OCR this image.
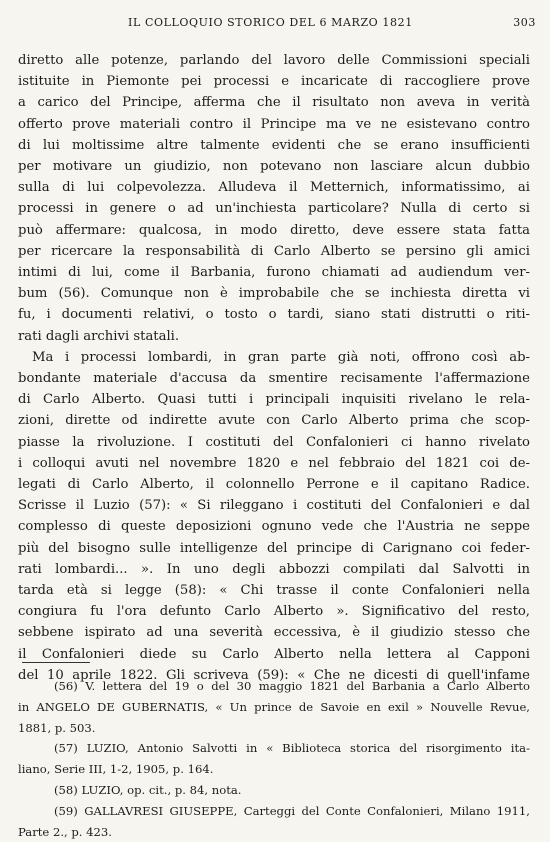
IL COLLOQUIO STORICO DEL 6 MARZO 1821	303
diretto alle potenze, parlando del lavoro delle Commissioni speciali
istituite in Piemonte pei processi e incaricate di raccogliere prove
a carico del Principe, afferma che il risultato non aveva in verità
offerto prove materiali contro il Principe ma ve ne esistevano contro
di lui moltissime altre talmente evidenti che se erano insufficienti
per motivare un giudizio, non potevano non lasciare alcun dubbio
sulla di lui colpevolezza. Alludeva il Metternich, informatissimo, ai
processi in genere o ad un'inchiesta particolare? Nulla di certo si
può affermare: qualcosa, in modo diretto, deve essere stata fatta
per ricercare la responsabilità di Carlo Alberto se persino gli amici
intimi di lui, come il Barbania, furono chiamati ad audiendum ver-
bum (56). Comunque non è improbabile che se inchiesta diretta vi
fu, i documenti relativi, o tosto o tardi, siano stati distrutti o riti-
rati dagli archivi statali.
Ma i processi lombardi, in gran parte già noti, offrono così ab-
bondante materiale d'accusa da smentire recisamente l'affermazione
di Carlo Alberto. Quasi tutti i principali inquisiti rivelano le rela-
zioni, dirette od indirette avute con Carlo Alberto prima che scop-
piasse la rivoluzione. I costituti del Confalonieri ci hanno rivelato
i colloqui avuti nel novembre 1820 e nel febbraio del 1821 coi de-
legati di Carlo Alberto, il colonnello Perrone e il capitano Radice.
Scrisse il Luzio (57): « Si rileggano i costituti del Confalonieri e dal
complesso di queste deposizioni ognuno vede che l'Austria ne seppe
più del bisogno sulle intelligenze del principe di Carignano coi feder-
rati lombardi... ». In uno degli abbozzi compilati dal Salvotti in
tarda età si legge (58): « Chi trasse il conte Confalonieri nella
congiura fu l'ora defunto Carlo Alberto ». Significativo del resto,
sebbene ispirato ad una severità eccessiva, è il giudizio stesso che
il Confalonieri diede su Carlo Alberto nella lettera al Capponi
del 10 aprile 1822. Gli scriveva (59): « Che ne dicesti di quell'infame
(56) V. lettera del 19 o del 30 maggio 1821 del Barbania a Carlo Alberto
in ANGELO DE GUBERNATIS, « Un prince de Savoie en exil » Nouvelle Revue,
1881, p. 503.
(57) LUZIO, Antonio Salvotti in « Biblioteca storica del risorgimento ita-
liano, Serie III, 1-2, 1905, p. 164.
(58) LUZIO, op. cit., p. 84, nota.
(59) GALLAVRESI GIUSEPPE, Carteggi del Conte Confalonieri, Milano 1911,
Parte 2., p. 423.
